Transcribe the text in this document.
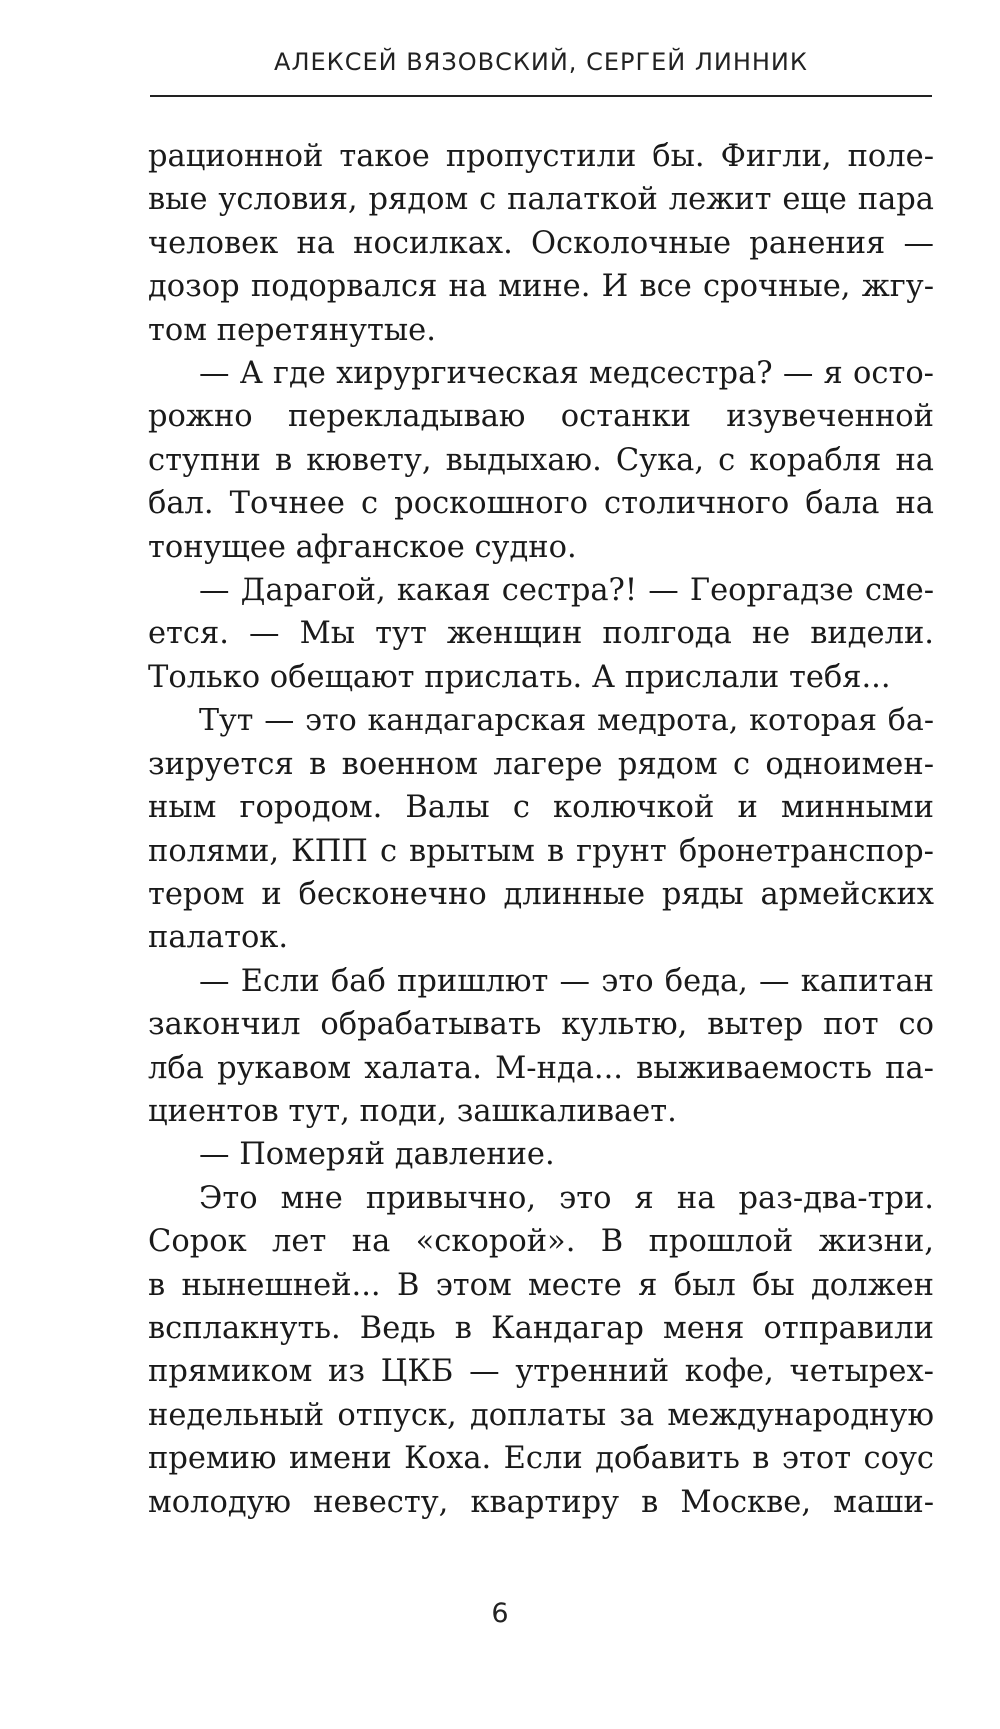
АЛЕКСЕЙ ВЯЗОВСКИЙ, СЕРГЕЙ ЛИННИК
рационной такое пропустили бы. Фигли, поле-
вые условия, рядом с палаткой лежит еще пара
человек на носилках. Осколочные ранения —
дозор подорвался на мине. И все срочные, жгу-
том перетянутые.
— А где хирургическая медсестра? — я осто-
рожно перекладываю останки изувеченной
ступни в кювету, выдыхаю. Сука, с корабля на
бал. Точнее с роскошного столичного бала на
тонущее афганское судно.
— Дарагой, какая сестра?! — Георгадзе сме-
ется. — Мы тут женщин полгода не видели.
Только обещают прислать. А прислали тебя...
Тут — это кандагарская медрота, которая ба-
зируется в военном лагере рядом с одноимен-
ным городом. Валы с колючкой и минными
полями, КПП с врытым в грунт бронетранспор-
тером и бесконечно длинные ряды армейских
палаток.
— Если баб пришлют — это беда, — капитан
закончил обрабатывать культю, вытер пот со
лба рукавом халата. М-нда... выживаемость па-
циентов тут, поди, зашкаливает.
— Померяй давление.
Это мне привычно, это я на раз-два-три.
Сорок лет на «скорой». В прошлой жизни,
в нынешней... В этом месте я был бы должен
всплакнуть. Ведь в Кандагар меня отправили
прямиком из ЦКБ — утренний кофе, четырех-
недельный отпуск, доплаты за международную
премию имени Коха. Если добавить в этот соус
молодую невесту, квартиру в Москве, маши-
6
